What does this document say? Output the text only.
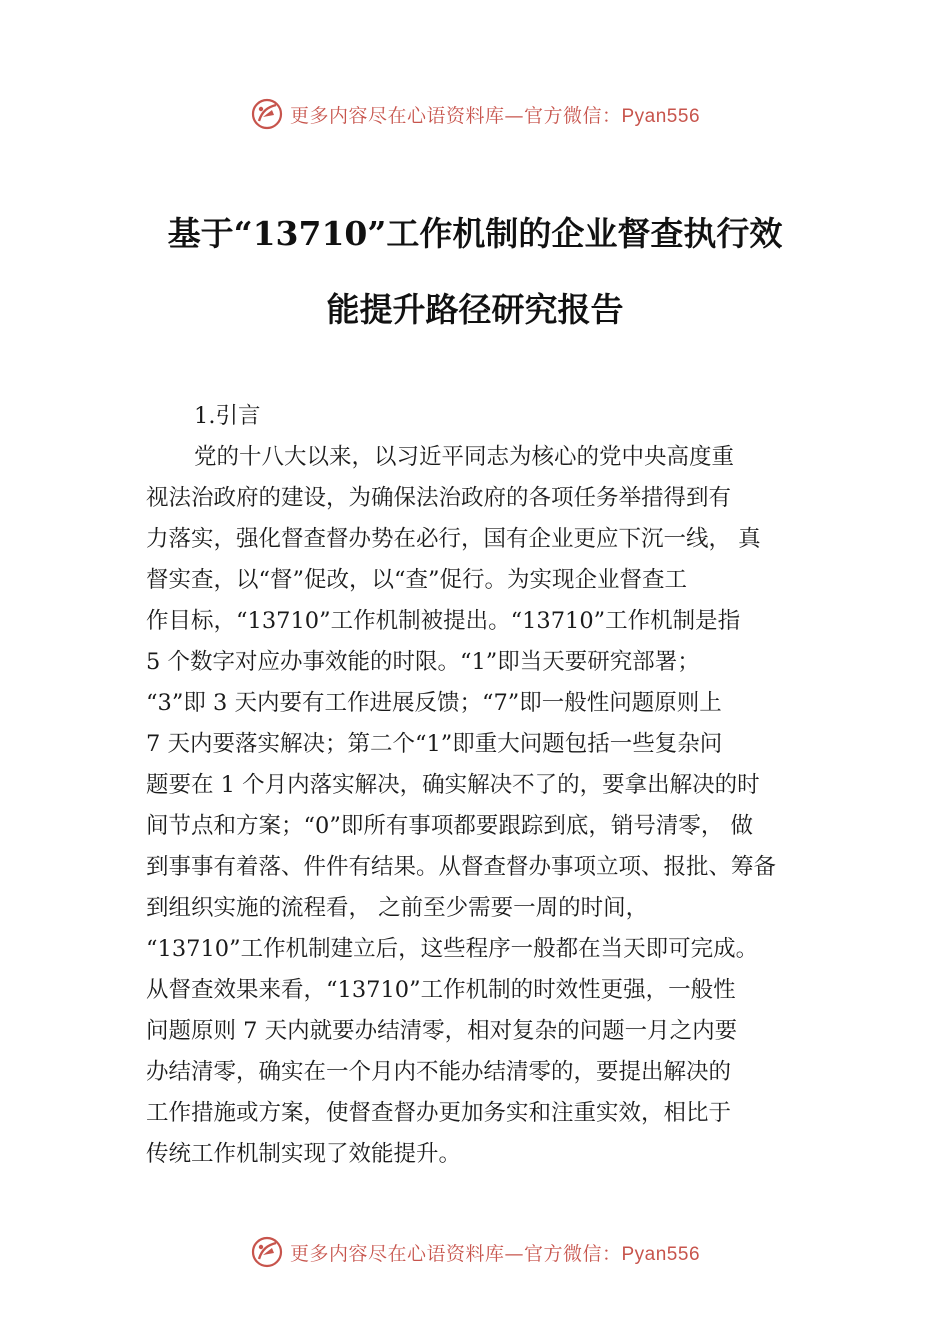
更多内容尽在心语资料库—官方微信：Pyan556
基于“13710”工作机制的企业督查执行效
能提升路径研究报告
1.引言
党的十八大以来，以习近平同志为核心的党中央高度重
视法治政府的建设，为确保法治政府的各项任务举措得到有
力落实，强化督查督办势在必行，国有企业更应下沉一线， 真
督实查，以“督”促改，以“查”促行。为实现企业督查工
作目标，“13710”工作机制被提出。“13710”工作机制是指
5 个数字对应办事效能的时限。“1”即当天要研究部署；
“3”即 3 天内要有工作进展反馈；“7”即一般性问题原则上
7 天内要落实解决；第二个“1”即重大问题包括一些复杂问
题要在 1 个月内落实解决，确实解决不了的，要拿出解决的时
间节点和方案；“0”即所有事项都要跟踪到底，销号清零， 做
到事事有着落、件件有结果。从督查督办事项立项、报批、筹备
到组织实施的流程看， 之前至少需要一周的时间，
“13710”工作机制建立后，这些程序一般都在当天即可完成。
从督查效果来看，“13710”工作机制的时效性更强，一般性
问题原则 7 天内就要办结清零，相对复杂的问题一月之内要
办结清零，确实在一个月内不能办结清零的，要提出解决的
工作措施或方案，使督查督办更加务实和注重实效，相比于
传统工作机制实现了效能提升。
更多内容尽在心语资料库—官方微信：Pyan556
